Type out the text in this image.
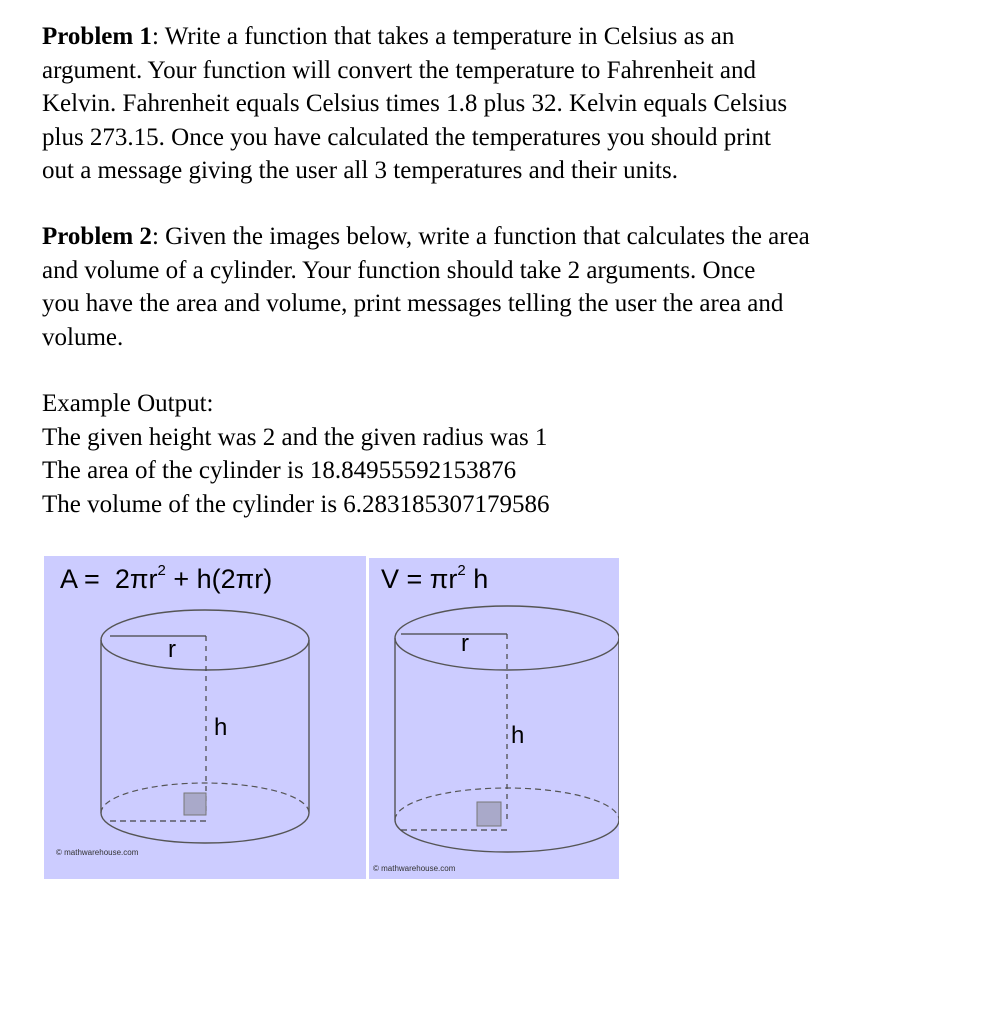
Problem 1: Write a function that takes a temperature in Celsius as an
argument. Your function will convert the temperature to Fahrenheit and
Kelvin. Fahrenheit equals Celsius times 1.8 plus 32. Kelvin equals Celsius
plus 273.15. Once you have calculated the temperatures you should print
out a message giving the user all 3 temperatures and their units.
Problem 2: Given the images below, write a function that calculates the area
and volume of a cylinder. Your function should take 2 arguments. Once
you have the area and volume, print messages telling the user the area and
volume.
Example Output:
The given height was 2 and the given radius was 1
The area of the cylinder is 18.84955592153876
The volume of the cylinder is 6.283185307179586
$A = 2\pi r^2 + h(2\pi r)$
r
h
© mathwarehouse.com
$V = \pi r^2$ h
r
h
© mathwarehouse.com
